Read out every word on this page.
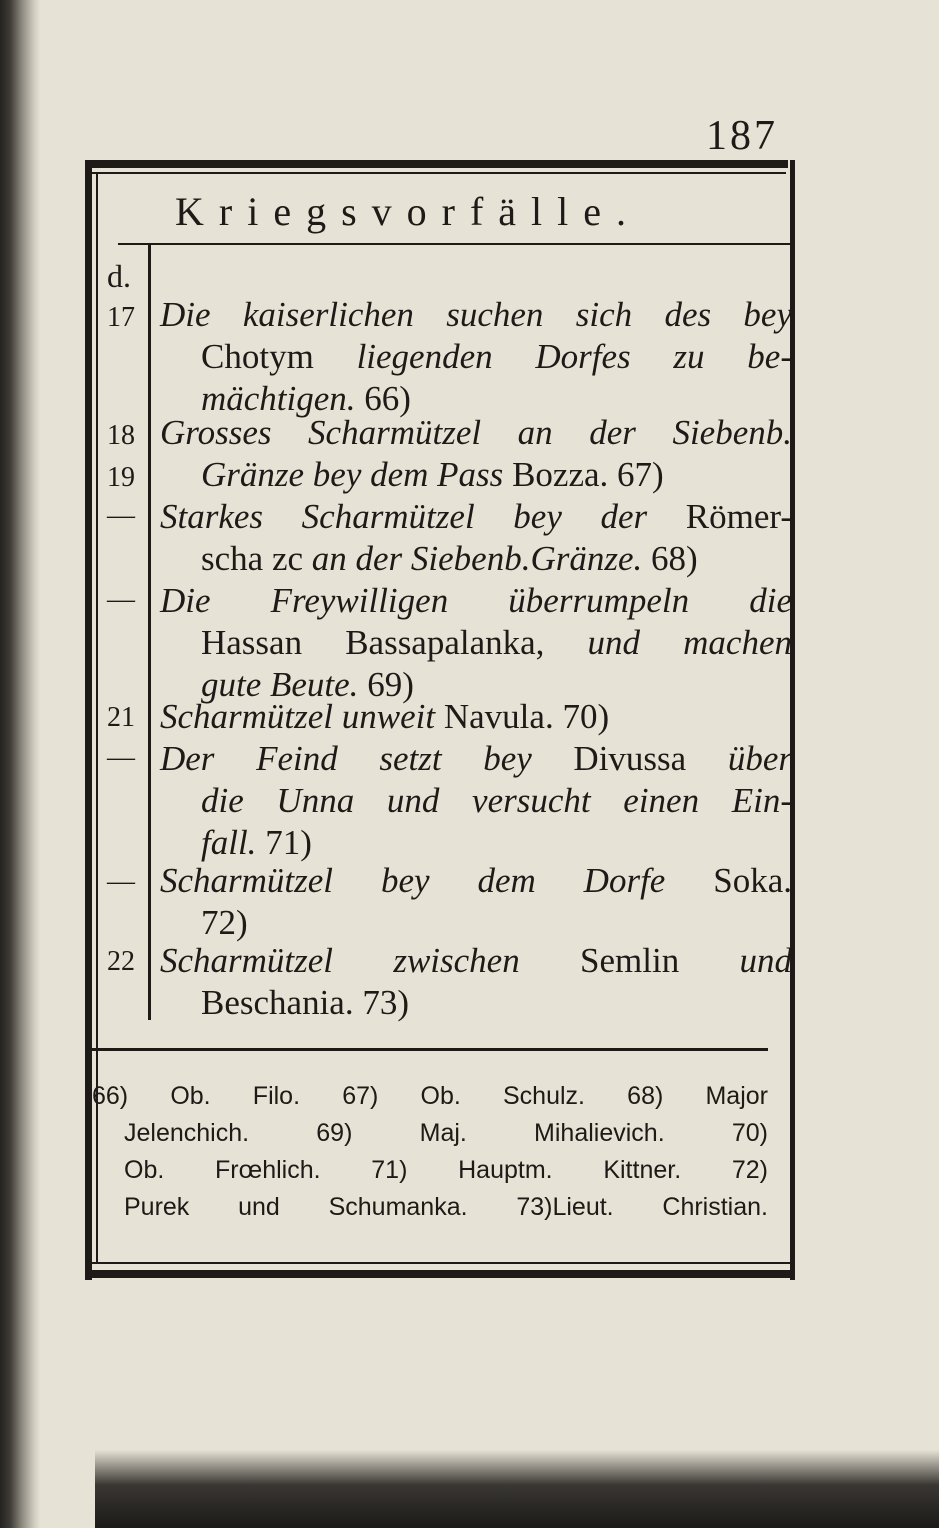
187
Kriegsvorfälle.
d.
17
18
19
—
—
21
—
—
22
Die kaiserlichen suchen sich des bey
Chotym liegenden Dorfes zu be-
mächtigen. 66)
Grosses Scharmützel an der Siebenb.
Gränze bey dem Pass Bozza. 67)
Starkes Scharmützel bey der Römer-
scha zc an der Siebenb.Gränze. 68)
Die Freywilligen überrumpeln die
Hassan Bassapalanka, und machen
gute Beute. 69)
Scharmützel unweit Navula. 70)
Der Feind setzt bey Divussa über
die Unna und versucht einen Ein-
fall. 71)
Scharmützel bey dem Dorfe Soka.
72)
Scharmützel zwischen Semlin und
Beschania. 73)
66) Ob. Filo. 67) Ob. Schulz. 68) Major
Jelenchich. 69) Maj. Mihalievich. 70)
Ob. Frœhlich. 71) Hauptm. Kittner. 72)
Purek und Schumanka. 73)Lieut. Christian.
